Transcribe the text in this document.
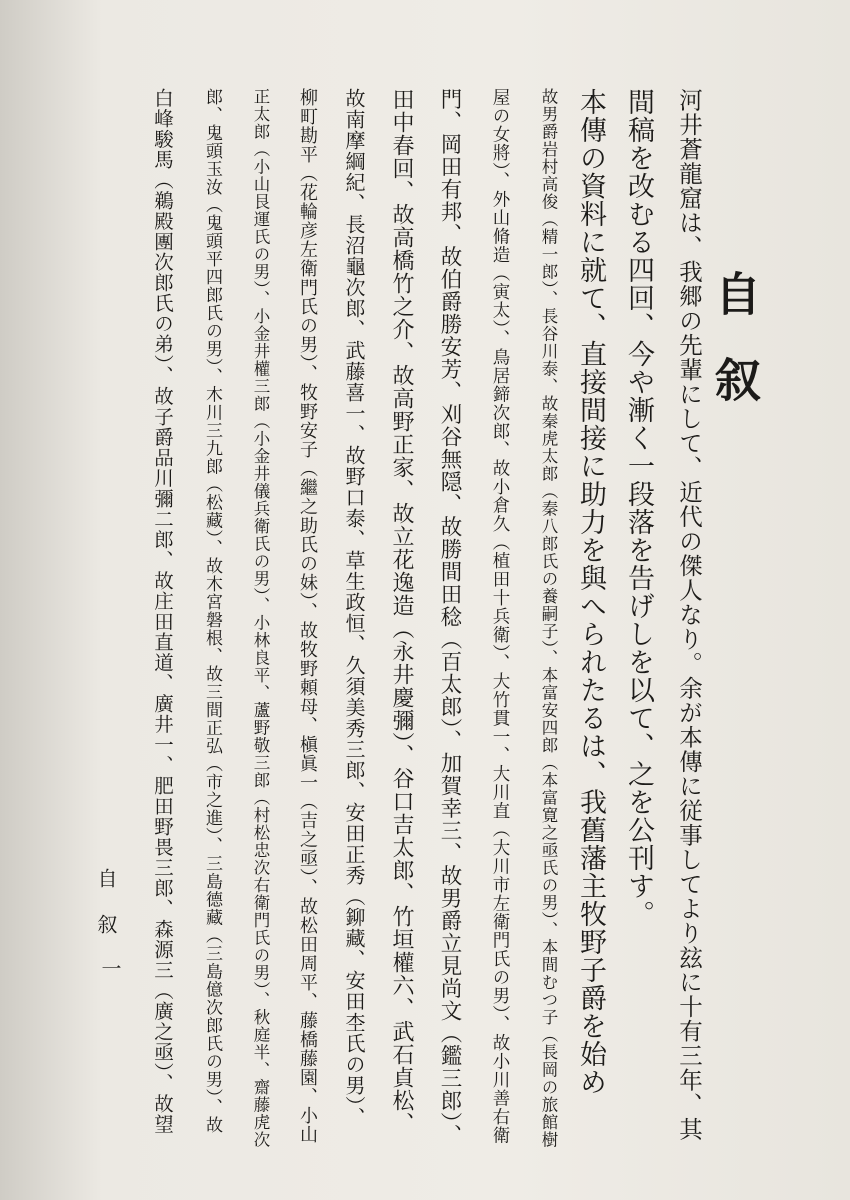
自叙
河井蒼龍窟は、我郷の先輩にして、近代の傑人なり。余が本傳に従事してより玆に十有三年、其
間稿を改むる四回、今や漸く一段落を告げしを以て、之を公刊す。
本傳の資料に就て、直接間接に助力を與へられたるは、我舊藩主牧野子爵を始め
故男爵岩村高俊（精一郎）、長谷川泰、故秦虎太郎（秦八郎氏の養嗣子）、本富安四郎（本富寛之亟氏の男）、本間むつ子（長岡の旅館樹
屋の女將）、外山脩造（寅太）、鳥居鍗次郎、故小倉久（植田十兵衛）、大竹貫一、大川直（大川市左衛門氏の男）、故小川善右衛
門、岡田有邦、故伯爵勝安芳、刈谷無隠、故勝間田稔（百太郎）、加賀幸三、故男爵立見尚文（鑑三郎）、
田中春回、故高橋竹之介、故高野正家、故立花逸造（永井慶彌）、谷口吉太郎、竹垣權六、武石貞松、
故南摩綱紀、長沼龜次郎、武藤喜一、故野口泰、草生政恒、久須美秀三郎、安田正秀（鉚藏、安田杢氏の男）、
柳町勘平（花輪彦左衛門氏の男）、牧野安子（繼之助氏の妹）、故牧野頼母、槇眞一（吉之亟）、故松田周平、藤橋藤園、小山
正太郎（小山艮運氏の男）、小金井權三郎（小金井儀兵衛氏の男）、小林良平、蘆野敬三郎（村松忠次右衛門氏の男）、秋庭半、齋藤虎次
郎、鬼頭玉汝（鬼頭平四郎氏の男）、木川三九郎（松藏）、故木宮磐根、故三間正弘（市之進）、三島德藏（三島億次郎氏の男）、故
白峰駿馬（鵜殿團次郎氏の弟）、故子爵品川彌二郎、故庄田直道、廣井一、肥田野畏三郎、森源三（廣之亟）、故望
自叙
一
